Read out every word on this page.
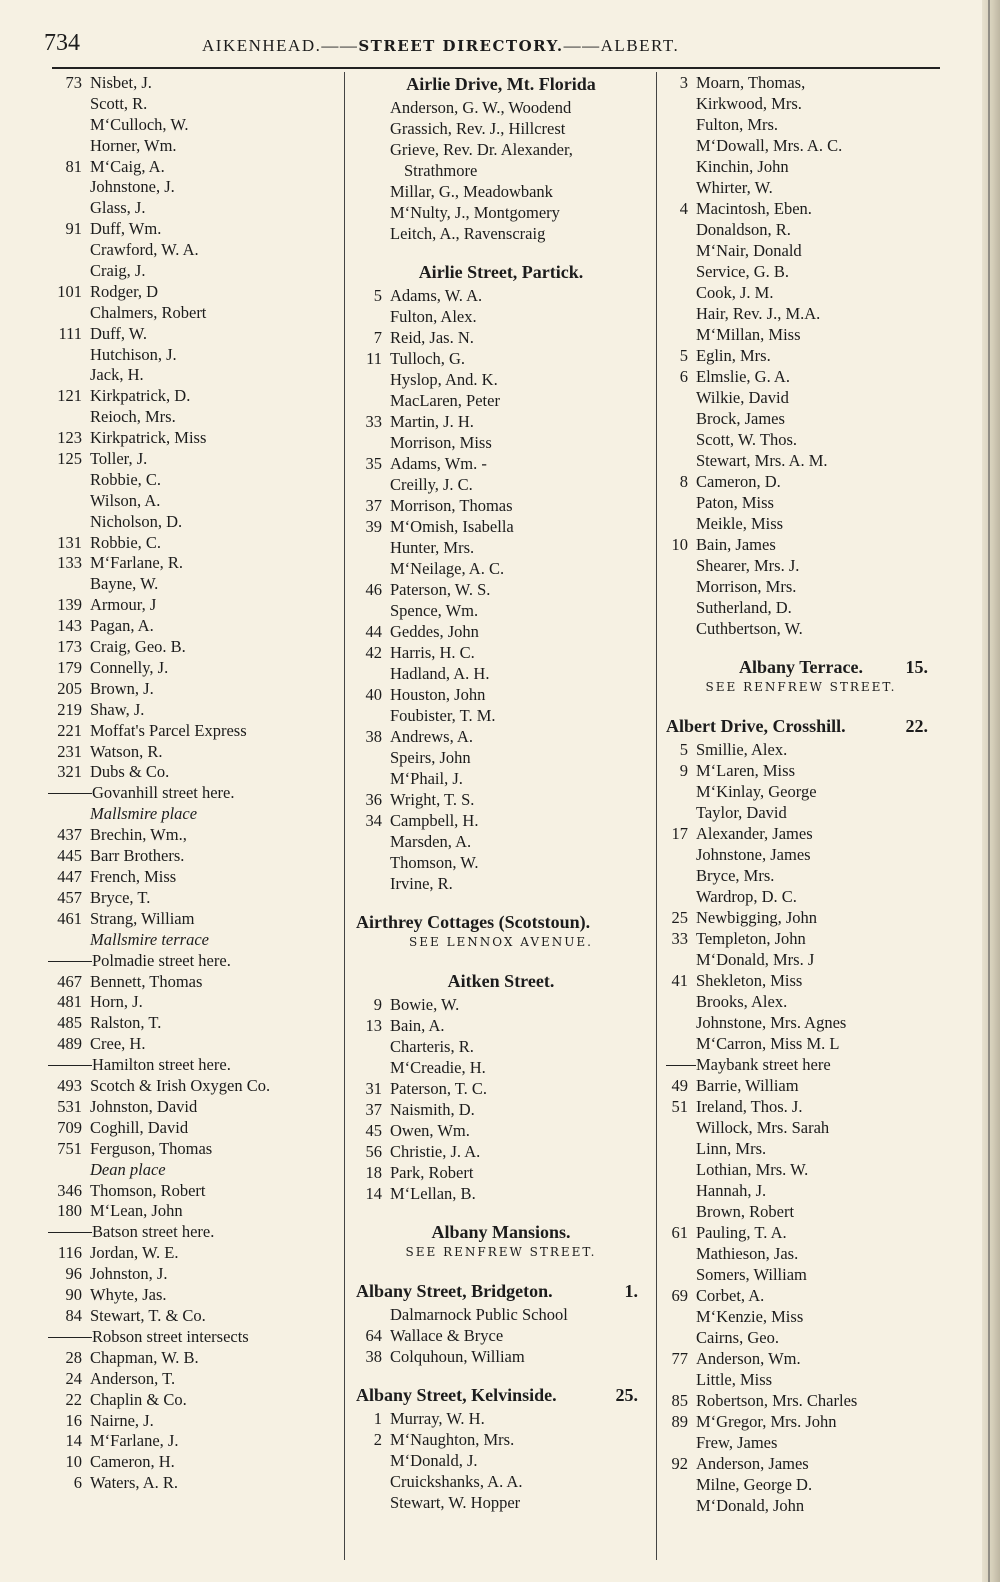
734	AIKENHEAD.——STREET DIRECTORY.——ALBERT.
73 Nisbet, J.
Scott, R.
M‘Culloch, W.
Horner, Wm.
81 M‘Caig, A.
Johnstone, J.
Glass, J.
91 Duff, Wm.
Crawford, W. A.
Craig, J.
101 Rodger, D
Chalmers, Robert
111 Duff, W.
Hutchison, J.
Jack, H.
121 Kirkpatrick, D.
Reioch, Mrs.
123 Kirkpatrick, Miss
125 Toller, J.
Robbie, C.
Wilson, A.
Nicholson, D.
131 Robbie, C.
133 M‘Farlane, R.
Bayne, W.
139 Armour, J
143 Pagan, A.
173 Craig, Geo. B.
179 Connelly, J.
205 Brown, J.
219 Shaw, J.
221 Moffat's Parcel Express
231 Watson, R.
321 Dubs & Co.
Govanhill street here.
Mallsmire place
437 Brechin, Wm.,
445 Barr Brothers.
447 French, Miss
457 Bryce, T.
461 Strang, William
Mallsmire terrace
Polmadie street here.
467 Bennett, Thomas
481 Horn, J.
485 Ralston, T.
489 Cree, H.
Hamilton street here.
493 Scotch & Irish Oxygen Co.
531 Johnston, David
709 Coghill, David
751 Ferguson, Thomas
Dean place
346 Thomson, Robert
180 M‘Lean, John
Batson street here.
116 Jordan, W. E.
96 Johnston, J.
90 Whyte, Jas.
84 Stewart, T. & Co.
Robson street intersects
28 Chapman, W. B.
24 Anderson, T.
22 Chaplin & Co.
16 Nairne, J.
14 M‘Farlane, J.
10 Cameron, H.
6 Waters, A. R.
Airlie Drive, Mt. Florida
Anderson, G. W., Woodend
Grassich, Rev. J., Hillcrest
Grieve, Rev. Dr. Alexander,
Strathmore
Millar, G., Meadowbank
M‘Nulty, J., Montgomery
Leitch, A., Ravenscraig
Airlie Street, Partick.
5 Adams, W. A.
Fulton, Alex.
7 Reid, Jas. N.
11 Tulloch, G.
Hyslop, And. K.
MacLaren, Peter
33 Martin, J. H.
Morrison, Miss
35 Adams, Wm. -
Creilly, J. C.
37 Morrison, Thomas
39 M‘Omish, Isabella
Hunter, Mrs.
M‘Neilage, A. C.
46 Paterson, W. S.
Spence, Wm.
44 Geddes, John
42 Harris, H. C.
Hadland, A. H.
40 Houston, John
Foubister, T. M.
38 Andrews, A.
Speirs, John
M‘Phail, J.
36 Wright, T. S.
34 Campbell, H.
Marsden, A.
Thomson, W.
Irvine, R.
Airthrey Cottages (Scotstoun).
SEE LENNOX AVENUE.
Aitken Street.
9 Bowie, W.
13 Bain, A.
Charteris, R.
M‘Creadie, H.
31 Paterson, T. C.
37 Naismith, D.
45 Owen, Wm.
56 Christie, J. A.
18 Park, Robert
14 M‘Lellan, B.
Albany Mansions.
SEE RENFREW STREET.
Albany Street, Bridgeton.	1.
Dalmarnock Public School
64 Wallace & Bryce
38 Colquhoun, William
Albany Street, Kelvinside.	25.
1 Murray, W. H.
2 M‘Naughton, Mrs.
M‘Donald, J.
Cruickshanks, A. A.
Stewart, W. Hopper
3 Moarn, Thomas,
Kirkwood, Mrs.
Fulton, Mrs.
M‘Dowall, Mrs. A. C.
Kinchin, John
Whirter, W.
4 Macintosh, Eben.
Donaldson, R.
M‘Nair, Donald
Service, G. B.
Cook, J. M.
Hair, Rev. J., M.A.
M‘Millan, Miss
5 Eglin, Mrs.
6 Elmslie, G. A.
Wilkie, David
Brock, James
Scott, W. Thos.
Stewart, Mrs. A. M.
8 Cameron, D.
Paton, Miss
Meikle, Miss
10 Bain, James
Shearer, Mrs. J.
Morrison, Mrs.
Sutherland, D.
Cuthbertson, W.
Albany Terrace. 15.
SEE RENFREW STREET.
Albert Drive, Crosshill.	22.
5 Smillie, Alex.
9 M‘Laren, Miss
M‘Kinlay, George
Taylor, David
17 Alexander, James
Johnstone, James
Bryce, Mrs.
Wardrop, D. C.
25 Newbigging, John
33 Templeton, John
M‘Donald, Mrs. J
41 Shekleton, Miss
Brooks, Alex.
Johnstone, Mrs. Agnes
M‘Carron, Miss M. L
Maybank street here
49 Barrie, William
51 Ireland, Thos. J.
Willock, Mrs. Sarah
Linn, Mrs.
Lothian, Mrs. W.
Hannah, J.
Brown, Robert
61 Pauling, T. A.
Mathieson, Jas.
Somers, William
69 Corbet, A.
M‘Kenzie, Miss
Cairns, Geo.
77 Anderson, Wm.
Little, Miss
85 Robertson, Mrs. Charles
89 M‘Gregor, Mrs. John
Frew, James
92 Anderson, James
Milne, George D.
M‘Donald, John
